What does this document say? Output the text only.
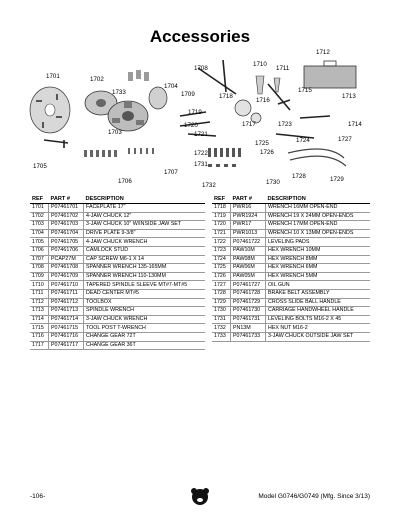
Accessories
1701	1702
1703
1704
1705
1706
1707
1708
1709
1710
1711
1712
1713
1714
1715
1716
1717
1718
1719
1720
1721
1722
1723
1724
1725
1726
1727
1728	1729
1730
1731
1732
1733
REF	PART #	DESCRIPTION
1701	P07461701	FACEPLATE 17"
1702	P07461702	4-JAW CHUCK 12"
1703	P07461703	3-JAW CHUCK 10" W/INSIDE JAW SET
1704	P07461704	DRIVE PLATE 9-3/8"
1705	P07461705	4-JAW CHUCK WRENCH
1706	P07461706	CAMLOCK STUD
1707	PCAP27M	CAP SCREW M6-1 X 14
1708	P07461708	SPANNER WRENCH 135-165MM
1709	P07461709	SPANNER WRENCH 110-130MM
1710	P07461710	TAPERED SPINDLE SLEEVE MT#7-MT#5
1711	P07461711	DEAD CENTER MT#5
1712	P07461712	TOOLBOX
1713	P07461713	SPINDLE WRENCH
1714	P07461714	3-JAW CHUCK WRENCH
1715	P07461715	TOOL POST T-WRENCH
1716	P07461716	CHANGE GEAR 72T
1717	P07461717	CHANGE GEAR 36T
REF	PART #	DESCRIPTION
1718	PWR16	WRENCH 16MM OPEN-END
1719	PWR1924	WRENCH 19 X 24MM OPEN-ENDS
1720	PWR17	WRENCH 17MM OPEN-END
1721	PWR1013	WRENCH 10 X 13MM OPEN-ENDS
1722	P07461722	LEVELING PADS
1723	PAW10M	HEX WRENCH 10MM
1724	PAW08M	HEX WRENCH 8MM
1725	PAW06M	HEX WRENCH 6MM
1726	PAW05M	HEX WRENCH 5MM
1727	P07461727	OIL GUN
1728	P07461728	BRAKE BELT ASSEMBLY
1729	P07461729	CROSS SLIDE BALL HANDLE
1730	P07461730	CARRIAGE HANDWHEEL HANDLE
1731	P07461731	LEVELING BOLTS M16-2 X 45
1732	PN13M	HEX NUT M16-2
1733	P07461733	3-JAW CHUCK OUTSIDE JAW SET
-106-	Model G0746/G0749 (Mfg. Since 3/13)
